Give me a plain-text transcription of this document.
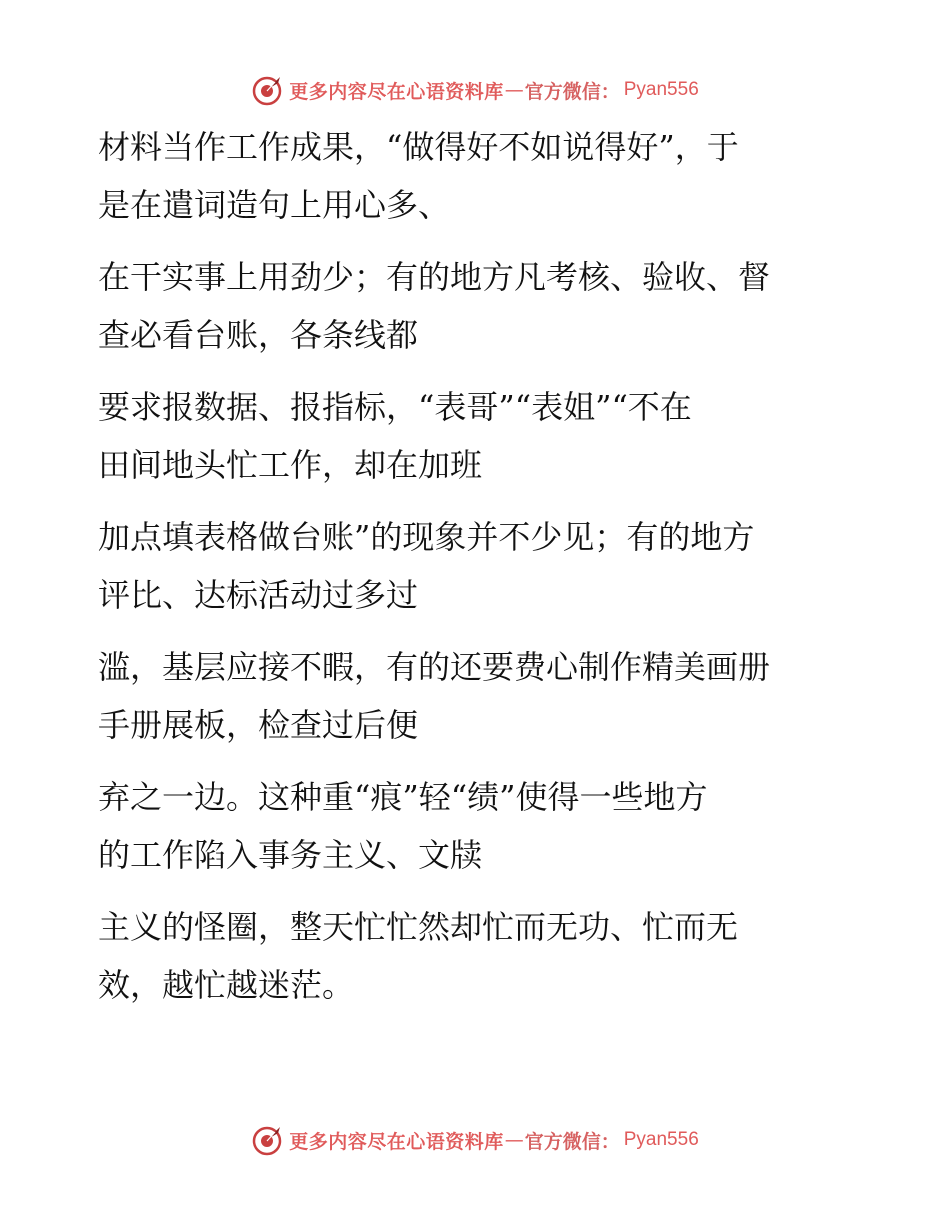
更多内容尽在心语资料库 — 官方微信： Pyan556

材料当作工作成果，“做得好不如说得好”，于
是在遣词造句上用心多、

在干实事上用劲少；有的地方凡考核、验收、督
查必看台账，各条线都

要求报数据、报指标，“表哥”“表姐”“不在
田间地头忙工作，却在加班

加点填表格做台账”的现象并不少见；有的地方
评比、达标活动过多过

滥，基层应接不暇，有的还要费心制作精美画册
手册展板，检查过后便

弃之一边。这种重“痕”轻“绩”使得一些地方
的工作陷入事务主义、文牍

主义的怪圈，整天忙忙然却忙而无功、忙而无
效，越忙越迷茫。

更多内容尽在心语资料库 — 官方微信： Pyan556
